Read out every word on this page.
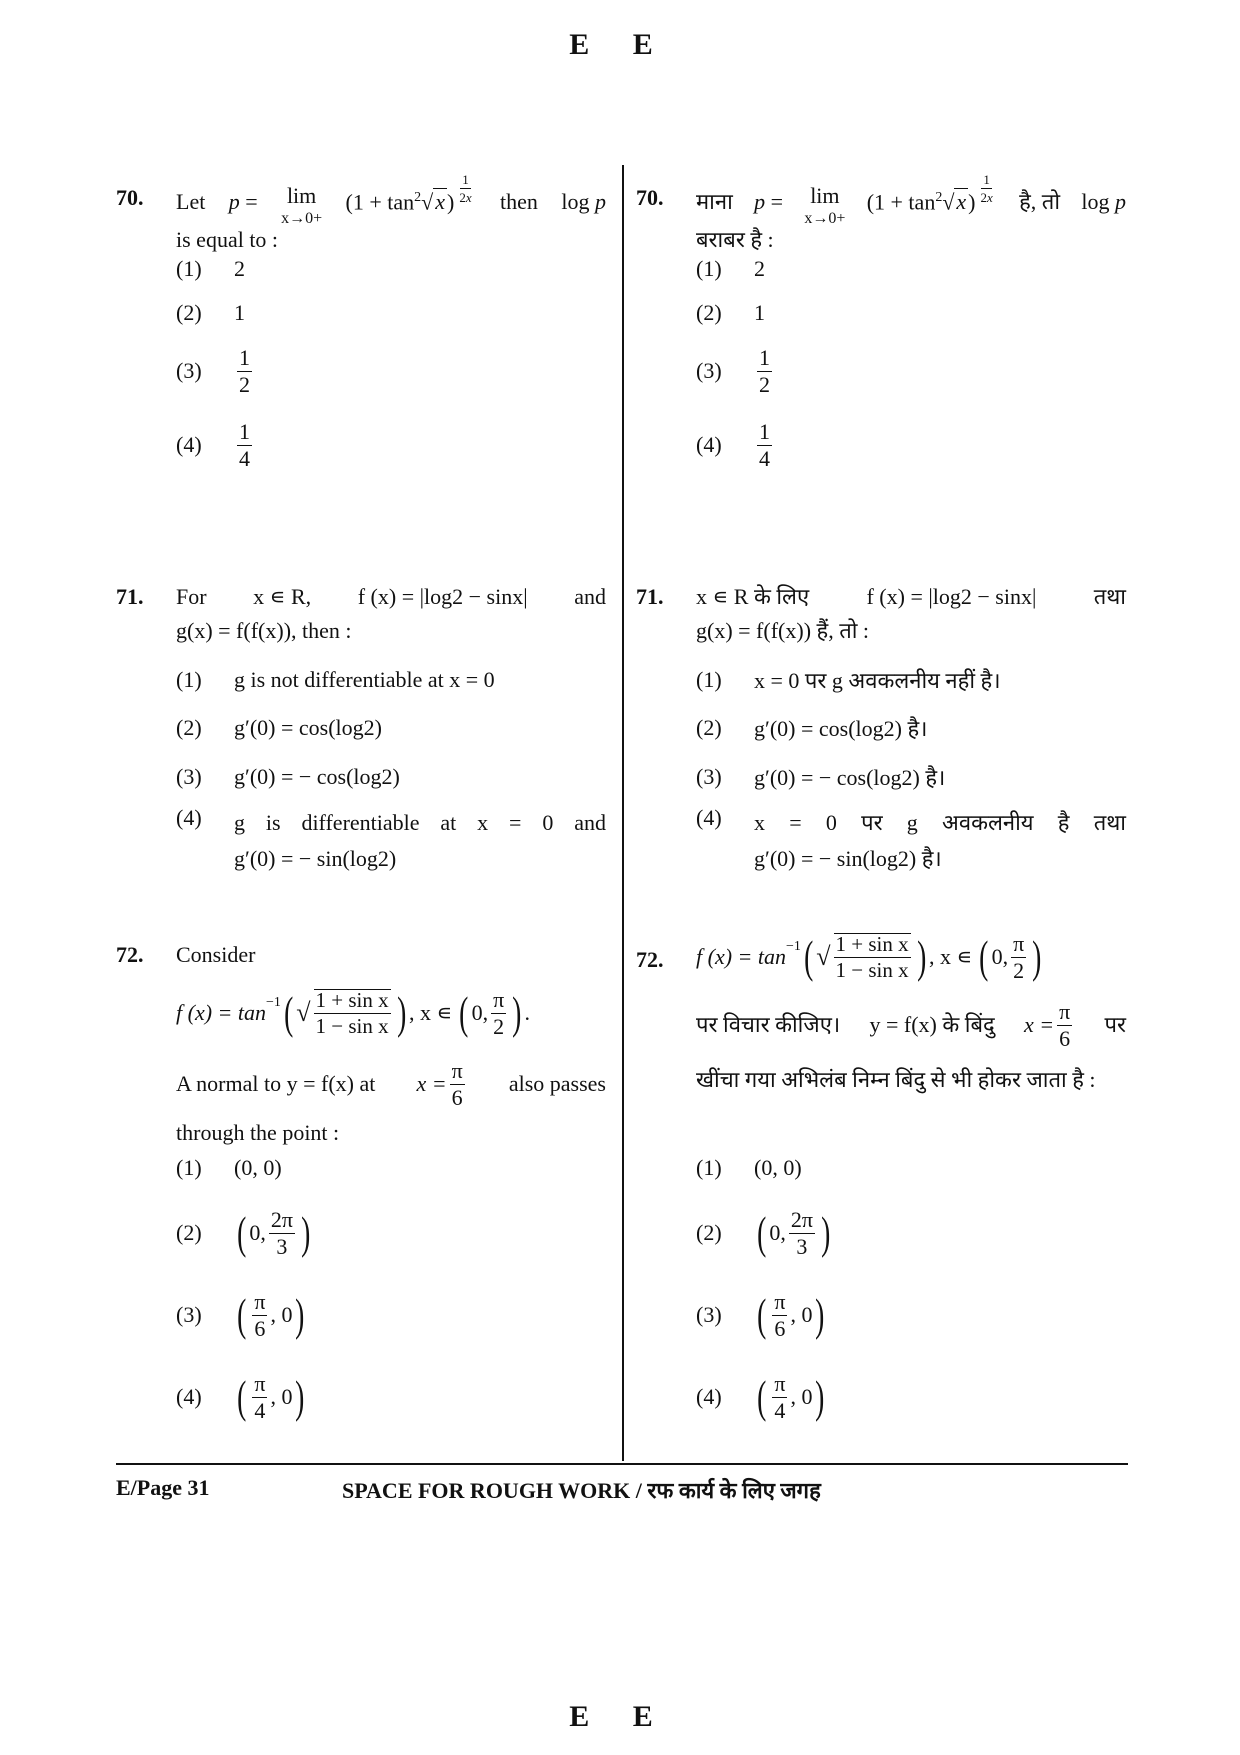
E E
70. Let p = lim
x→0+
$(1 + \tan^2√x) \frac{1}{2x}$ then log p
is equal to :
(1)	2
(2)	1
(3)	$\frac{1}{2}$
(4)	$\frac{1}{4}$
71. For x ∊ R, f (x) = |log2 − sinx| and
g(x) = f(f(x)), then :
(1)	g is not differentiable at x = 0
(2)	g′(0) = cos(log2)
(3)	g′(0) = − cos(log2)
(4)	g is differentiable at x = 0 and
g′(0) = − sin(log2)
72. Consider
f (x) = tan −1 ( √ $\frac{\text{1 + sin x}}{\text{1 − sin x}}$ ) , x ∊ ( 0, $\frac{\pi}{2}$ ) .
A normal to y = f(x) at $x = \frac{\pi}{6}$ also passes
through the point :
(1)	(0, 0)
(2) ( 0, $\frac{2\pi}{3}$ )
(3) ( $\frac{\pi}{6}$ , 0 )
(4) ( $\frac{\pi}{4}$ , 0 )
70. माना p = lim
x→0+
$(1 + \tan^2√x) \frac{1}{2x}$ है, तो log p
बराबर है :
(1)	2
(2)	1
(3)	$\frac{1}{2}$
(4)	$\frac{1}{4}$
71. x ∊ R के लिए	f (x) = |log2 − sinx|	तथा
g(x) = f(f(x)) हैं, तो :
(1)	x = 0 पर g अवकलनीय नहीं है।
(2)	g′(0) = cos(log2) है।
(3)	g′(0) = − cos(log2) है।
(4)	x = 0 पर g अवकलनीय है तथा
g′(0) = − sin(log2) है।
72. f (x) = tan −1 ( √ $\frac{\text{1 + sin x}}{\text{1 − sin x}}$ ) , x ∊ ( 0, $\frac{\pi}{2}$ )
पर विचार कीजिए। y = f(x) के बिंदु $x = \frac{\pi}{6}$ पर
खींचा गया अभिलंब निम्न बिंदु से भी होकर जाता है :
(1)	(0, 0)
(2) ( 0, $\frac{2\pi}{3}$ )
(3) ( $\frac{\pi}{6}$ , 0 )
(4) ( $\frac{\pi}{4}$ , 0 )
E/Page 31	SPACE FOR ROUGH WORK / रफ कार्य के लिए जगह
E E
